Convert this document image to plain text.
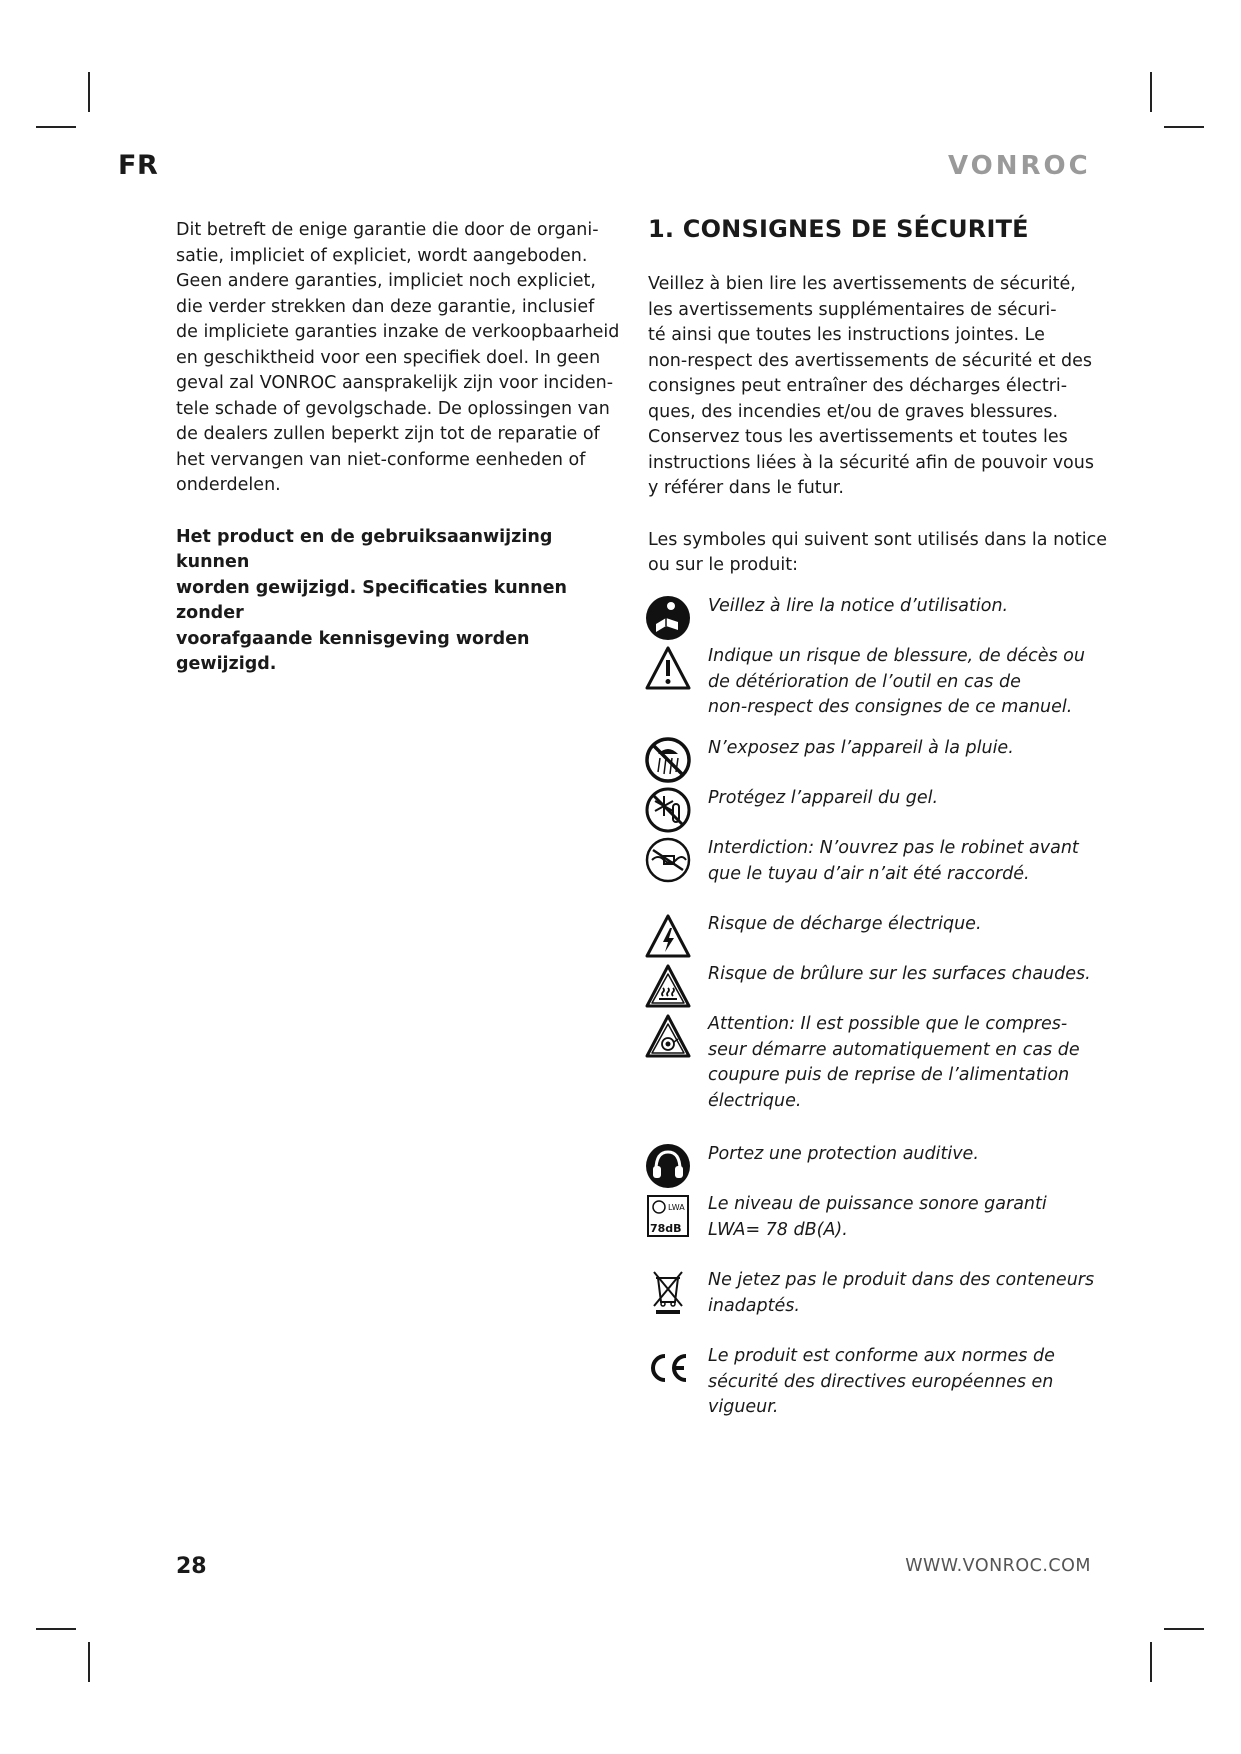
FR	VONROC

Dit betreft de enige garantie die door de organi-
satie, impliciet of expliciet, wordt aangeboden.
Geen andere garanties, impliciet noch expliciet,
die verder strekken dan deze garantie, inclusief
de impliciete garanties inzake de verkoopbaarheid
en geschiktheid voor een specifiek doel. In geen
geval zal VONROC aansprakelijk zijn voor inciden-
tele schade of gevolgschade. De oplossingen van
de dealers zullen beperkt zijn tot de reparatie of
het vervangen van niet-conforme eenheden of
onderdelen.

Het product en de gebruiksaanwijzing kunnen
worden gewijzigd. Specificaties kunnen zonder
voorafgaande kennisgeving worden gewijzigd.

1. CONSIGNES DE SÉCURITÉ

Veillez à bien lire les avertissements de sécurité,
les avertissements supplémentaires de sécuri-
té ainsi que toutes les instructions jointes. Le
non-respect des avertissements de sécurité et des
consignes peut entraîner des décharges électri-
ques, des incendies et/ou de graves blessures.
Conservez tous les avertissements et toutes les
instructions liées à la sécurité afin de pouvoir vous
y référer dans le futur.

Les symboles qui suivent sont utilisés dans la notice
ou sur le produit:

Veillez à lire la notice d’utilisation.
Indique un risque de blessure, de décès ou
de détérioration de l’outil en cas de
non-respect des consignes de ce manuel.
N’exposez pas l’appareil à la pluie.
Protégez l’appareil du gel.
Interdiction: N’ouvrez pas le robinet avant
que le tuyau d’air n’ait été raccordé.
Risque de décharge électrique.
Risque de brûlure sur les surfaces chaudes.
Attention: Il est possible que le compres-
seur démarre automatiquement en cas de
coupure puis de reprise de l’alimentation
électrique.
Portez une protection auditive.
LWA
78dB
Le niveau de puissance sonore garanti
LWA= 78 dB(A).
Ne jetez pas le produit dans des conteneurs
inadaptés.
Le produit est conforme aux normes de
sécurité des directives européennes en
vigueur.
28	WWW.VONROC.COM
